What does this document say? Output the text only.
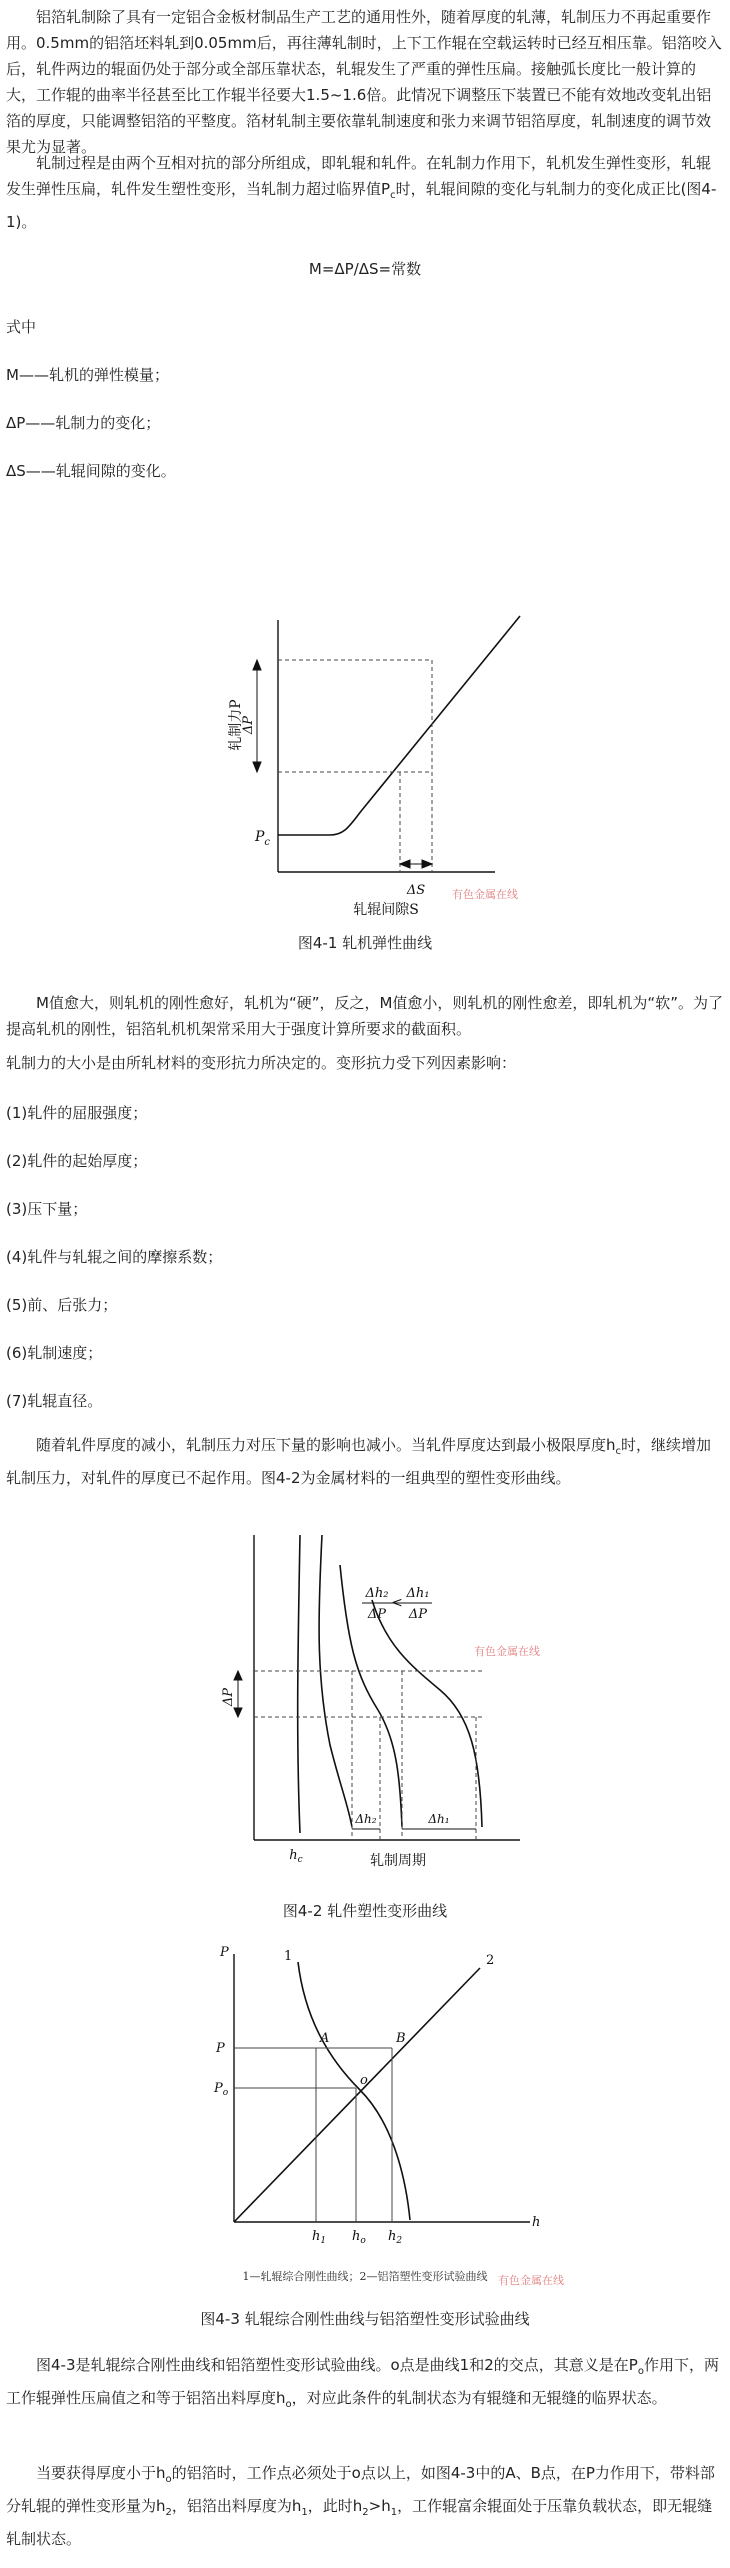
铝箔轧制除了具有一定铝合金板材制品生产工艺的通用性外，随着厚度的轧薄，轧制压力不再起重要作用。0.5mm的铝箔坯料轧到0.05mm后，再往薄轧制时，上下工作辊在空载运转时已经互相压靠。铝箔咬入后，轧件两边的辊面仍处于部分或全部压靠状态，轧辊发生了严重的弹性压扁。接触弧长度比一般计算的大，工作辊的曲率半径甚至比工作辊半径要大1.5~1.6倍。此情况下调整压下装置已不能有效地改变轧出铝箔的厚度，只能调整铝箔的平整度。箔材轧制主要依靠轧制速度和张力来调节铝箔厚度，轧制速度的调节效果尤为显著。

轧制过程是由两个互相对抗的部分所组成，即轧辊和轧件。在轧制力作用下，轧机发生弹性变形，轧辊发生弹性压扁，轧件发生塑性变形，当轧制力超过临界值$P_c$时，轧辊间隙的变化与轧制力的变化成正比(图4-1)。

M=ΔP/ΔS=常数

式中

M——轧机的弹性模量；

ΔP——轧制力的变化；

ΔS——轧辊间隙的变化。

轧制力P
ΔP
$P_c$
ΔS
轧辊间隙S
有色金属在线

图4-1 轧机弹性曲线

M值愈大，则轧机的刚性愈好，轧机为“硬”，反之，M值愈小，则轧机的刚性愈差，即轧机为“软”。为了提高轧机的刚性，铝箔轧机机架常采用大于强度计算所要求的截面积。

轧制力的大小是由所轧材料的变形抗力所决定的。变形抗力受下列因素影响：

(1)轧件的屈服强度；

(2)轧件的起始厚度；

(3)压下量；

(4)轧件与轧辊之间的摩擦系数；

(5)前、后张力；

(6)轧制速度；

(7)轧辊直径。

随着轧件厚度的减小，轧制压力对压下量的影响也减小。当轧件厚度达到最小极限厚度$h_c$时，继续增加轧制压力，对轧件的厚度已不起作用。图4-2为金属材料的一组典型的塑性变形曲线。

ΔP
Δh₂
ΔP
<
Δh₁
ΔP
$h_c$
Δh₂	Δh₁
轧制周期
有色金属在线

图4-2 轧件塑性变形曲线

P
P
$P_o$
A	B
o
1	2
$h_1$ $h_o$ $h_2$
h
1—轧辊综合刚性曲线；2—铝箔塑性变形试验曲线 有色金属在线

图4-3 轧辊综合刚性曲线与铝箔塑性变形试验曲线

图4-3是轧辊综合刚性曲线和铝箔塑性变形试验曲线。o点是曲线1和2的交点，其意义是在$P_o$作用下，两工作辊弹性压扁值之和等于铝箔出料厚度$h_o$，对应此条件的轧制状态为有辊缝和无辊缝的临界状态。

当要获得厚度小于$h_o$的铝箔时，工作点必须处于o点以上，如图4-3中的A、B点，在P力作用下，带料部分轧辊的弹性变形量为$h_2$，铝箔出料厚度为$h_1$，此时$h_2>h_1$，工作辊富余辊面处于压靠负载状态，即无辊缝轧制状态。
